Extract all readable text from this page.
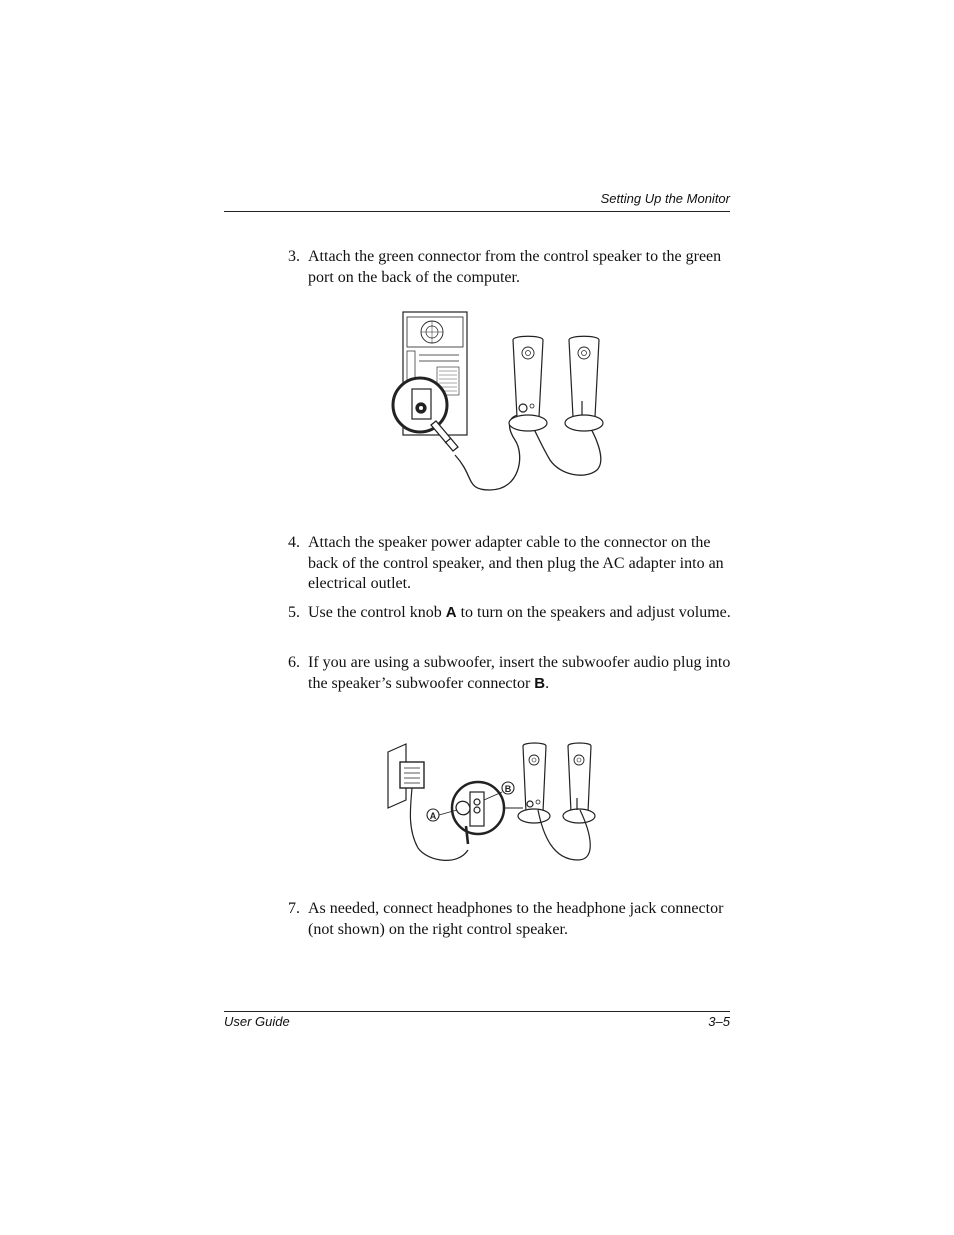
Setting Up the Monitor
3. Attach the green connector from the control speaker to the green port on the back of the computer.
4. Attach the speaker power adapter cable to the connector on the back of the control speaker, and then plug the AC adapter into an electrical outlet.
5. Use the control knob A to turn on the speakers and adjust volume.
6. If you are using a subwoofer, insert the subwoofer audio plug into the speaker’s subwoofer connector B.
A
B
7. As needed, connect headphones to the headphone jack connector (not shown) on the right control speaker.
User Guide	3–5
